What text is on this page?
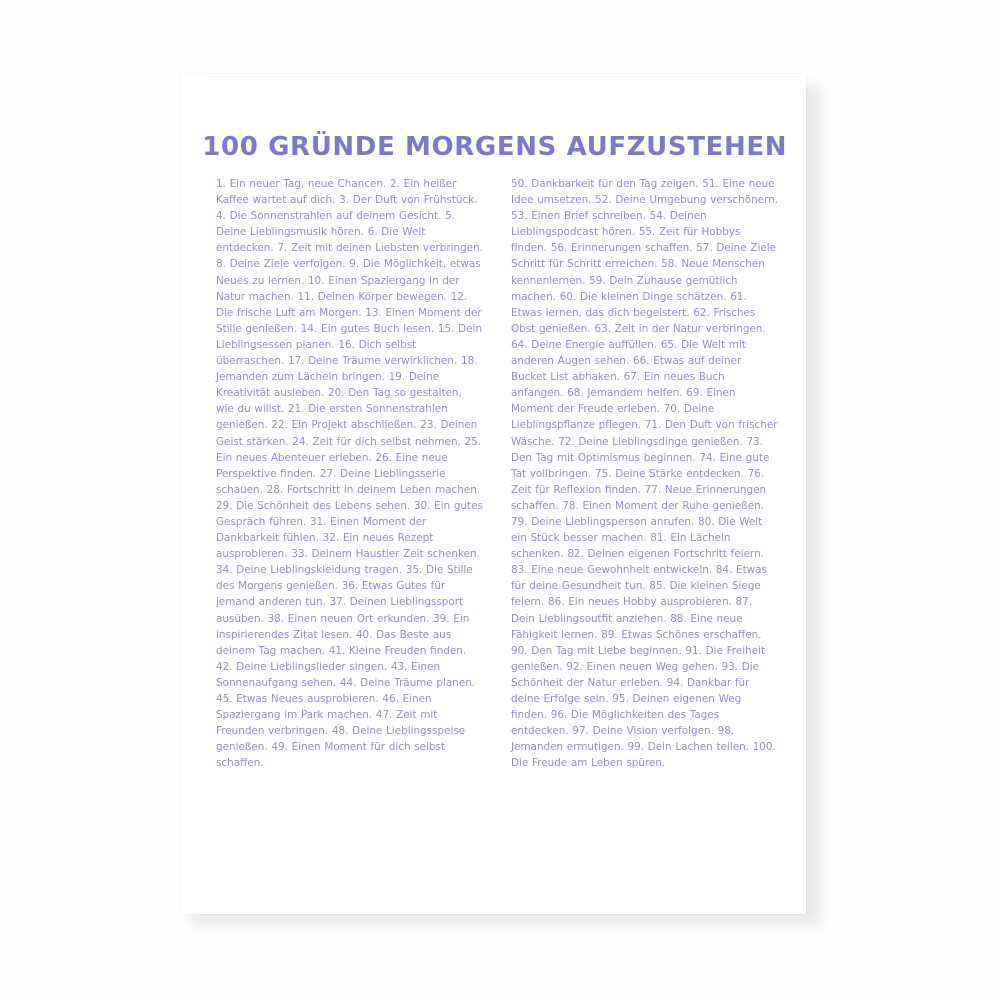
100 GRÜNDE MORGENS AUFZUSTEHEN
1. Ein neuer Tag, neue Chancen. 2. Ein heißer Kaffee wartet auf dich. 3. Der Duft von Frühstück. 4. Die Sonnenstrahlen auf deinem Gesicht. 5. Deine Lieblingsmusik hören. 6. Die Welt entdecken. 7. Zeit mit deinen Liebsten verbringen. 8. Deine Ziele verfolgen. 9. Die Möglichkeit, etwas Neues zu lernen. 10. Einen Spaziergang in der Natur machen. 11. Deinen Körper bewegen. 12. Die frische Luft am Morgen. 13. Einen Moment der Stille genießen. 14. Ein gutes Buch lesen. 15. Dein Lieblingsessen planen. 16. Dich selbst überraschen. 17. Deine Träume verwirklichen. 18. Jemanden zum Lächeln bringen. 19. Deine Kreativität ausleben. 20. Den Tag so gestalten, wie du willst. 21. Die ersten Sonnenstrahlen genießen. 22. Ein Projekt abschließen. 23. Deinen Geist stärken. 24. Zeit für dich selbst nehmen. 25. Ein neues Abenteuer erleben. 26. Eine neue Perspektive finden. 27. Deine Lieblingsserie schauen. 28. Fortschritt in deinem Leben machen. 29. Die Schönheit des Lebens sehen. 30. Ein gutes Gespräch führen. 31. Einen Moment der Dankbarkeit fühlen. 32. Ein neues Rezept ausprobieren. 33. Deinem Haustier Zeit schenken. 34. Deine Lieblingskleidung tragen. 35. Die Stille des Morgens genießen. 36. Etwas Gutes für jemand anderen tun. 37. Deinen Lieblingssport ausüben. 38. Einen neuen Ort erkunden. 39. Ein inspirierendes Zitat lesen. 40. Das Beste aus deinem Tag machen. 41. Kleine Freuden finden. 42. Deine Lieblingslieder singen. 43. Einen Sonnenaufgang sehen. 44. Deine Träume planen. 45. Etwas Neues ausprobieren. 46. Einen Spaziergang im Park machen. 47. Zeit mit Freunden verbringen. 48. Deine Lieblingsspeise genießen. 49. Einen Moment für dich selbst schaffen.
50. Dankbarkeit für den Tag zeigen. 51. Eine neue Idee umsetzen. 52. Deine Umgebung verschönern. 53. Einen Brief schreiben. 54. Deinen Lieblingspodcast hören. 55. Zeit für Hobbys finden. 56. Erinnerungen schaffen. 57. Deine Ziele Schritt für Schritt erreichen. 58. Neue Menschen kennenlernen. 59. Dein Zuhause gemütlich machen. 60. Die kleinen Dinge schätzen. 61. Etwas lernen, das dich begeistert. 62. Frisches Obst genießen. 63. Zeit in der Natur verbringen. 64. Deine Energie auffüllen. 65. Die Welt mit anderen Augen sehen. 66. Etwas auf deiner Bucket List abhaken. 67. Ein neues Buch anfangen. 68. Jemandem helfen. 69. Einen Moment der Freude erleben. 70. Deine Lieblingspflanze pflegen. 71. Den Duft von frischer Wäsche. 72. Deine Lieblingsdinge genießen. 73. Den Tag mit Optimismus beginnen. 74. Eine gute Tat vollbringen. 75. Deine Stärke entdecken. 76. Zeit für Reflexion finden. 77. Neue Erinnerungen schaffen. 78. Einen Moment der Ruhe genießen. 79. Deine Lieblingsperson anrufen. 80. Die Welt ein Stück besser machen. 81. Ein Lächeln schenken. 82. Deinen eigenen Fortschritt feiern. 83. Eine neue Gewohnheit entwickeln. 84. Etwas für deine Gesundheit tun. 85. Die kleinen Siege feiern. 86. Ein neues Hobby ausprobieren. 87. Dein Lieblingsoutfit anziehen. 88. Eine neue Fähigkeit lernen. 89. Etwas Schönes erschaffen. 90. Den Tag mit Liebe beginnen. 91. Die Freiheit genießen. 92. Einen neuen Weg gehen. 93. Die Schönheit der Natur erleben. 94. Dankbar für deine Erfolge sein. 95. Deinen eigenen Weg finden. 96. Die Möglichkeiten des Tages entdecken. 97. Deine Vision verfolgen. 98. Jemanden ermutigen. 99. Dein Lachen teilen. 100. Die Freude am Leben spüren.
